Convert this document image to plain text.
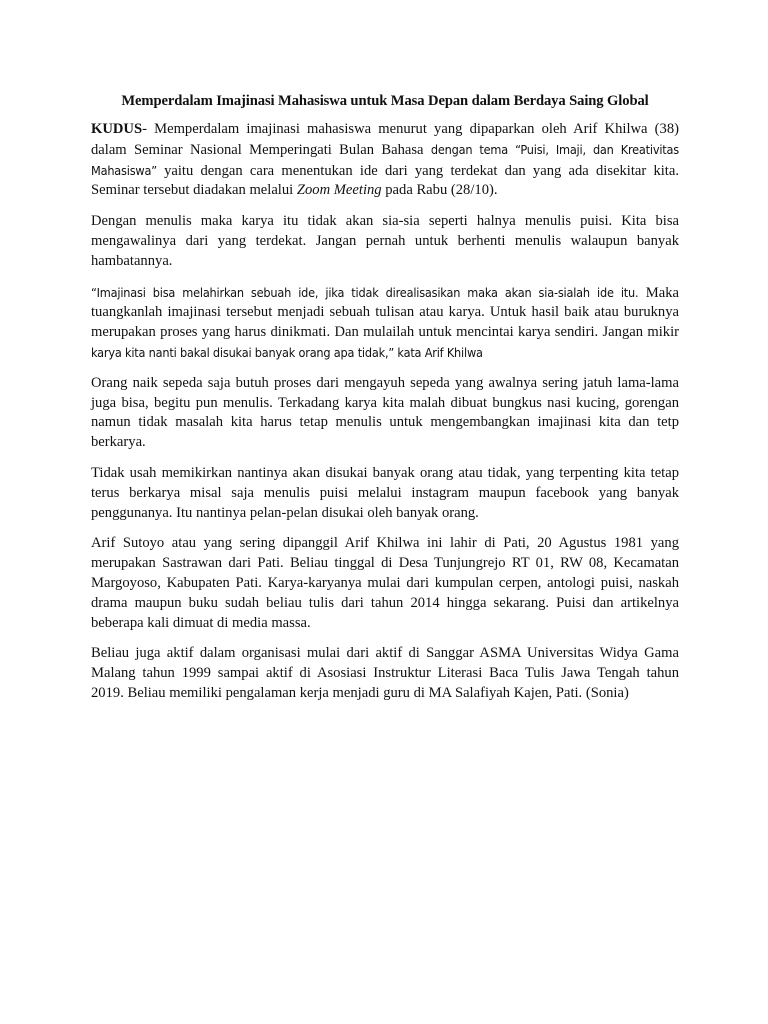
Memperdalam Imajinasi Mahasiswa untuk Masa Depan dalam Berdaya Saing Global
KUDUS- Memperdalam imajinasi mahasiswa menurut yang dipaparkan oleh Arif Khilwa (38)
dalam Seminar Nasional Memperingati Bulan Bahasa dengan tema “Puisi, Imaji, dan Kreativitas
Mahasiswa” yaitu dengan cara menentukan ide dari yang terdekat dan yang ada disekitar kita.
Seminar tersebut diadakan melalui Zoom Meeting pada Rabu (28/10).
Dengan menulis maka karya itu tidak akan sia-sia seperti halnya menulis puisi. Kita bisa
mengawalinya dari yang terdekat. Jangan pernah untuk berhenti menulis walaupun banyak
hambatannya.
“Imajinasi bisa melahirkan sebuah ide, jika tidak direalisasikan maka akan sia-sialah ide itu. Maka
tuangkanlah imajinasi tersebut menjadi sebuah tulisan atau karya. Untuk hasil baik atau buruknya
merupakan proses yang harus dinikmati. Dan mulailah untuk mencintai karya sendiri. Jangan mikir
karya kita nanti bakal disukai banyak orang apa tidak,” kata Arif Khilwa
Orang naik sepeda saja butuh proses dari mengayuh sepeda yang awalnya sering jatuh lama-lama
juga bisa, begitu pun menulis. Terkadang karya kita malah dibuat bungkus nasi kucing, gorengan
namun tidak masalah kita harus tetap menulis untuk mengembangkan imajinasi kita dan tetp
berkarya.
Tidak usah memikirkan nantinya akan disukai banyak orang atau tidak, yang terpenting kita tetap
terus berkarya misal saja menulis puisi melalui instagram maupun facebook yang banyak
penggunanya. Itu nantinya pelan-pelan disukai oleh banyak orang.
Arif Sutoyo atau yang sering dipanggil Arif Khilwa ini lahir di Pati, 20 Agustus 1981 yang
merupakan Sastrawan dari Pati. Beliau tinggal di Desa Tunjungrejo RT 01, RW 08, Kecamatan
Margoyoso, Kabupaten Pati. Karya-karyanya mulai dari kumpulan cerpen, antologi puisi, naskah
drama maupun buku sudah beliau tulis dari tahun 2014 hingga sekarang. Puisi dan artikelnya
beberapa kali dimuat di media massa.
Beliau juga aktif dalam organisasi mulai dari aktif di Sanggar ASMA Universitas Widya Gama
Malang tahun 1999 sampai aktif di Asosiasi Instruktur Literasi Baca Tulis Jawa Tengah tahun
2019. Beliau memiliki pengalaman kerja menjadi guru di MA Salafiyah Kajen, Pati. (Sonia)
